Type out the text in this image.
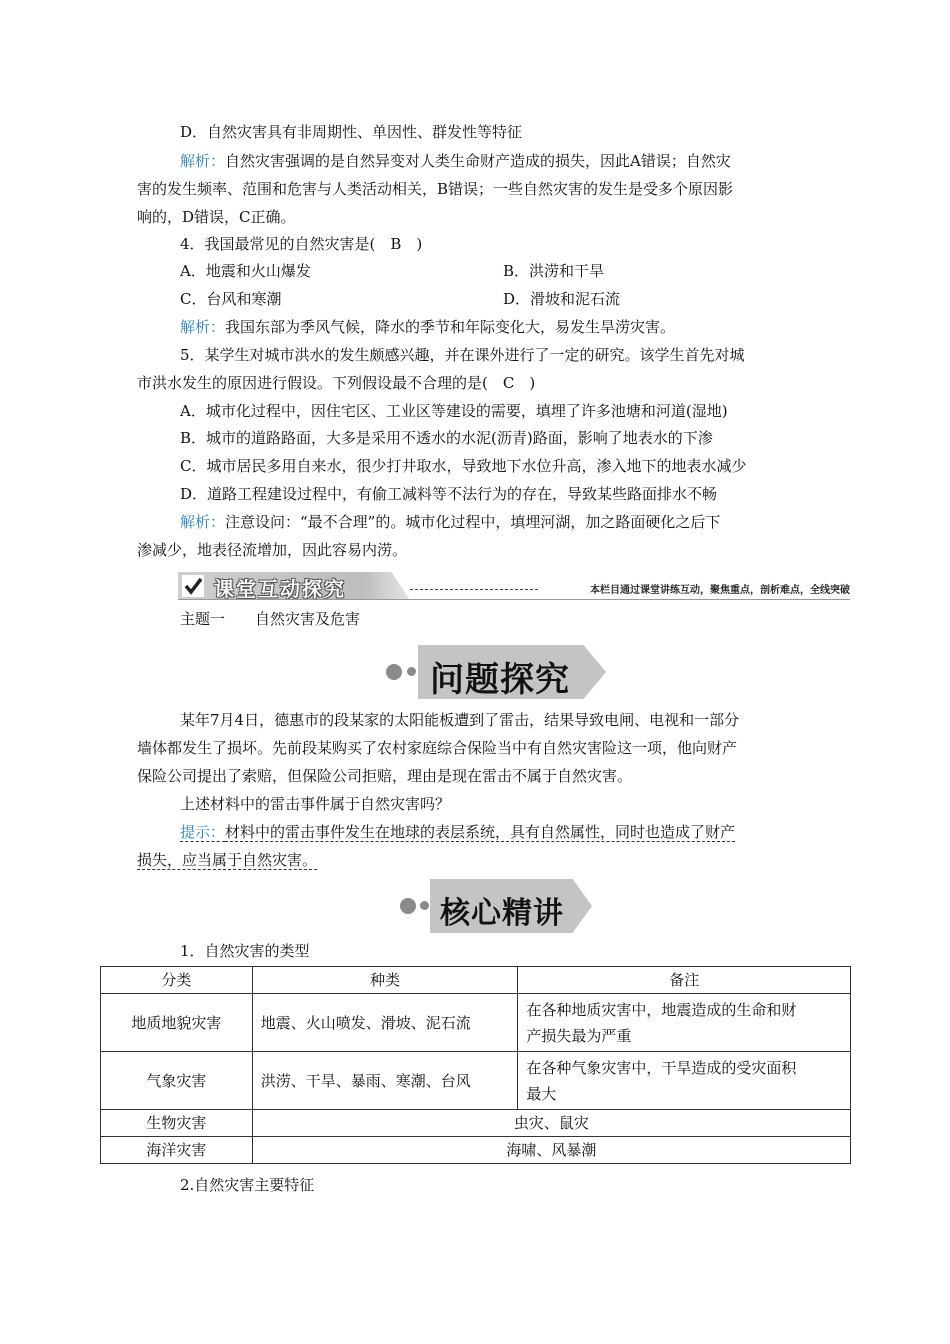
D．自然灾害具有非周期性、单因性、群发性等特征
解析：自然灾害强调的是自然异变对人类生命财产造成的损失，因此A错误；自然灾
害的发生频率、范围和危害与人类活动相关，B错误；一些自然灾害的发生是受多个原因影
响的，D错误，C正确。
4．我国最常见的自然灾害是(　B　)
A．地震和火山爆发	B．洪涝和干旱
C．台风和寒潮	D．滑坡和泥石流
解析：我国东部为季风气候，降水的季节和年际变化大，易发生旱涝灾害。
5．某学生对城市洪水的发生颇感兴趣，并在课外进行了一定的研究。该学生首先对城
市洪水发生的原因进行假设。下列假设最不合理的是(　C　)
A．城市化过程中，因住宅区、工业区等建设的需要，填埋了许多池塘和河道(湿地)
B．城市的道路路面，大多是采用不透水的水泥(沥青)路面，影响了地表水的下渗
C．城市居民多用自来水，很少打井取水，导致地下水位升高，渗入地下的地表水减少
D．道路工程建设过程中，有偷工减料等不法行为的存在，导致某些路面排水不畅
解析：注意设问：“最不合理”的。城市化过程中，填埋河湖，加之路面硬化之后下
渗减少，地表径流增加，因此容易内涝。
课堂互动探究	本栏目通过课堂讲练互动，聚焦重点，剖析难点，全线突破
主题一　　自然灾害及危害
问题探究
某年7月4日，德惠市的段某家的太阳能板遭到了雷击，结果导致电闸、电视和一部分
墙体都发生了损坏。先前段某购买了农村家庭综合保险当中有自然灾害险这一项，他向财产
保险公司提出了索赔，但保险公司拒赔，理由是现在雷击不属于自然灾害。
上述材料中的雷击事件属于自然灾害吗？
提示：材料中的雷击事件发生在地球的表层系统，具有自然属性，同时也造成了财产
损失，应当属于自然灾害。
核心精讲
1．自然灾害的类型
分类	种类	备注
地质地貌灾害	地震、火山喷发、滑坡、泥石流	在各种地质灾害中，地震造成的生命和财
产损失最为严重

气象灾害	洪涝、干旱、暴雨、寒潮、台风	在各种气象灾害中，干旱造成的受灾面积
最大

生物灾害	虫灾、鼠灾	
海洋灾害	海啸、风暴潮	
2.自然灾害主要特征
